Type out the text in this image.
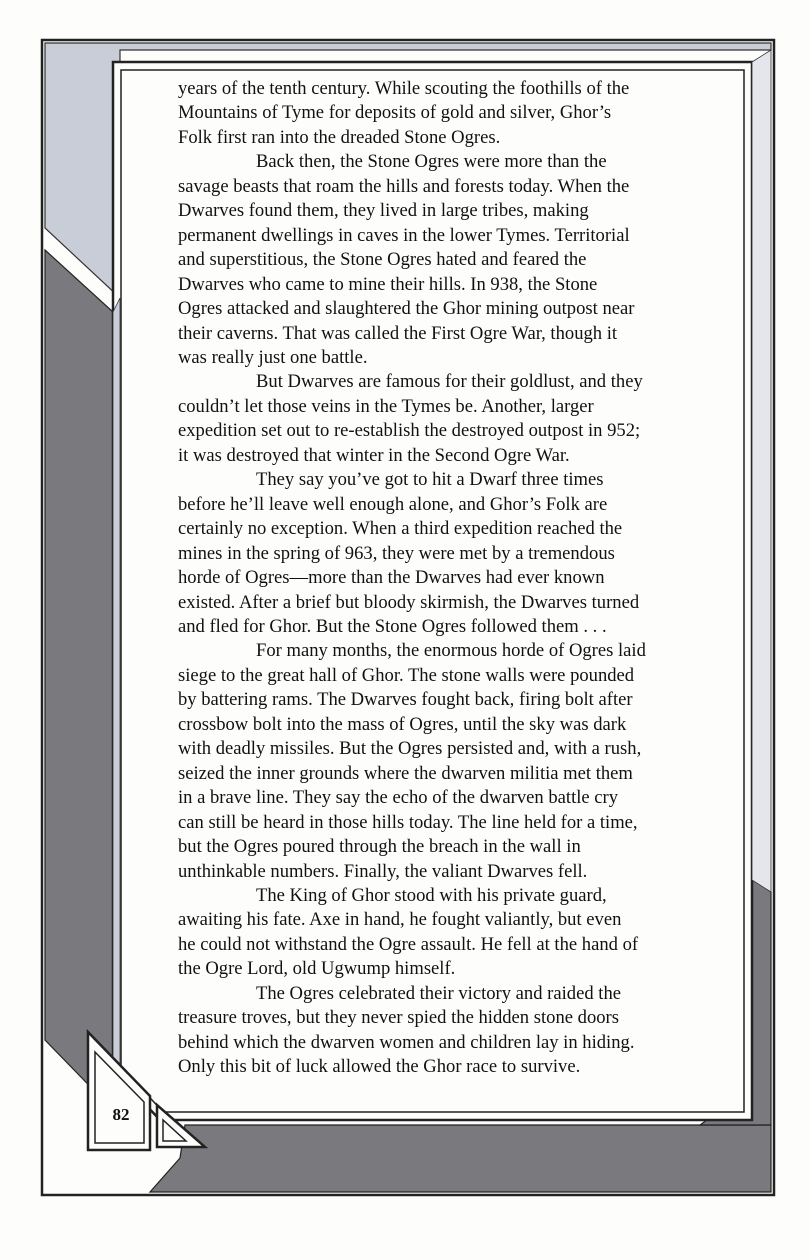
years of the tenth century. While scouting the foothills of the
Mountains of Tyme for deposits of gold and silver, Ghor’s
Folk first ran into the dreaded Stone Ogres.

Back then, the Stone Ogres were more than the
savage beasts that roam the hills and forests today. When the
Dwarves found them, they lived in large tribes, making
permanent dwellings in caves in the lower Tymes. Territorial
and superstitious, the Stone Ogres hated and feared the
Dwarves who came to mine their hills. In 938, the Stone
Ogres attacked and slaughtered the Ghor mining outpost near
their caverns. That was called the First Ogre War, though it
was really just one battle.

But Dwarves are famous for their goldlust, and they
couldn’t let those veins in the Tymes be. Another, larger
expedition set out to re-establish the destroyed outpost in 952;
it was destroyed that winter in the Second Ogre War.

They say you’ve got to hit a Dwarf three times
before he’ll leave well enough alone, and Ghor’s Folk are
certainly no exception. When a third expedition reached the
mines in the spring of 963, they were met by a tremendous
horde of Ogres—more than the Dwarves had ever known
existed. After a brief but bloody skirmish, the Dwarves turned
and fled for Ghor. But the Stone Ogres followed them . . .

For many months, the enormous horde of Ogres laid
siege to the great hall of Ghor. The stone walls were pounded
by battering rams. The Dwarves fought back, firing bolt after
crossbow bolt into the mass of Ogres, until the sky was dark
with deadly missiles. But the Ogres persisted and, with a rush,
seized the inner grounds where the dwarven militia met them
in a brave line. They say the echo of the dwarven battle cry
can still be heard in those hills today. The line held for a time,
but the Ogres poured through the breach in the wall in
unthinkable numbers. Finally, the valiant Dwarves fell.

The King of Ghor stood with his private guard,
awaiting his fate. Axe in hand, he fought valiantly, but even
he could not withstand the Ogre assault. He fell at the hand of
the Ogre Lord, old Ugwump himself.

The Ogres celebrated their victory and raided the
treasure troves, but they never spied the hidden stone doors
behind which the dwarven women and children lay in hiding.
Only this bit of luck allowed the Ghor race to survive.

82
